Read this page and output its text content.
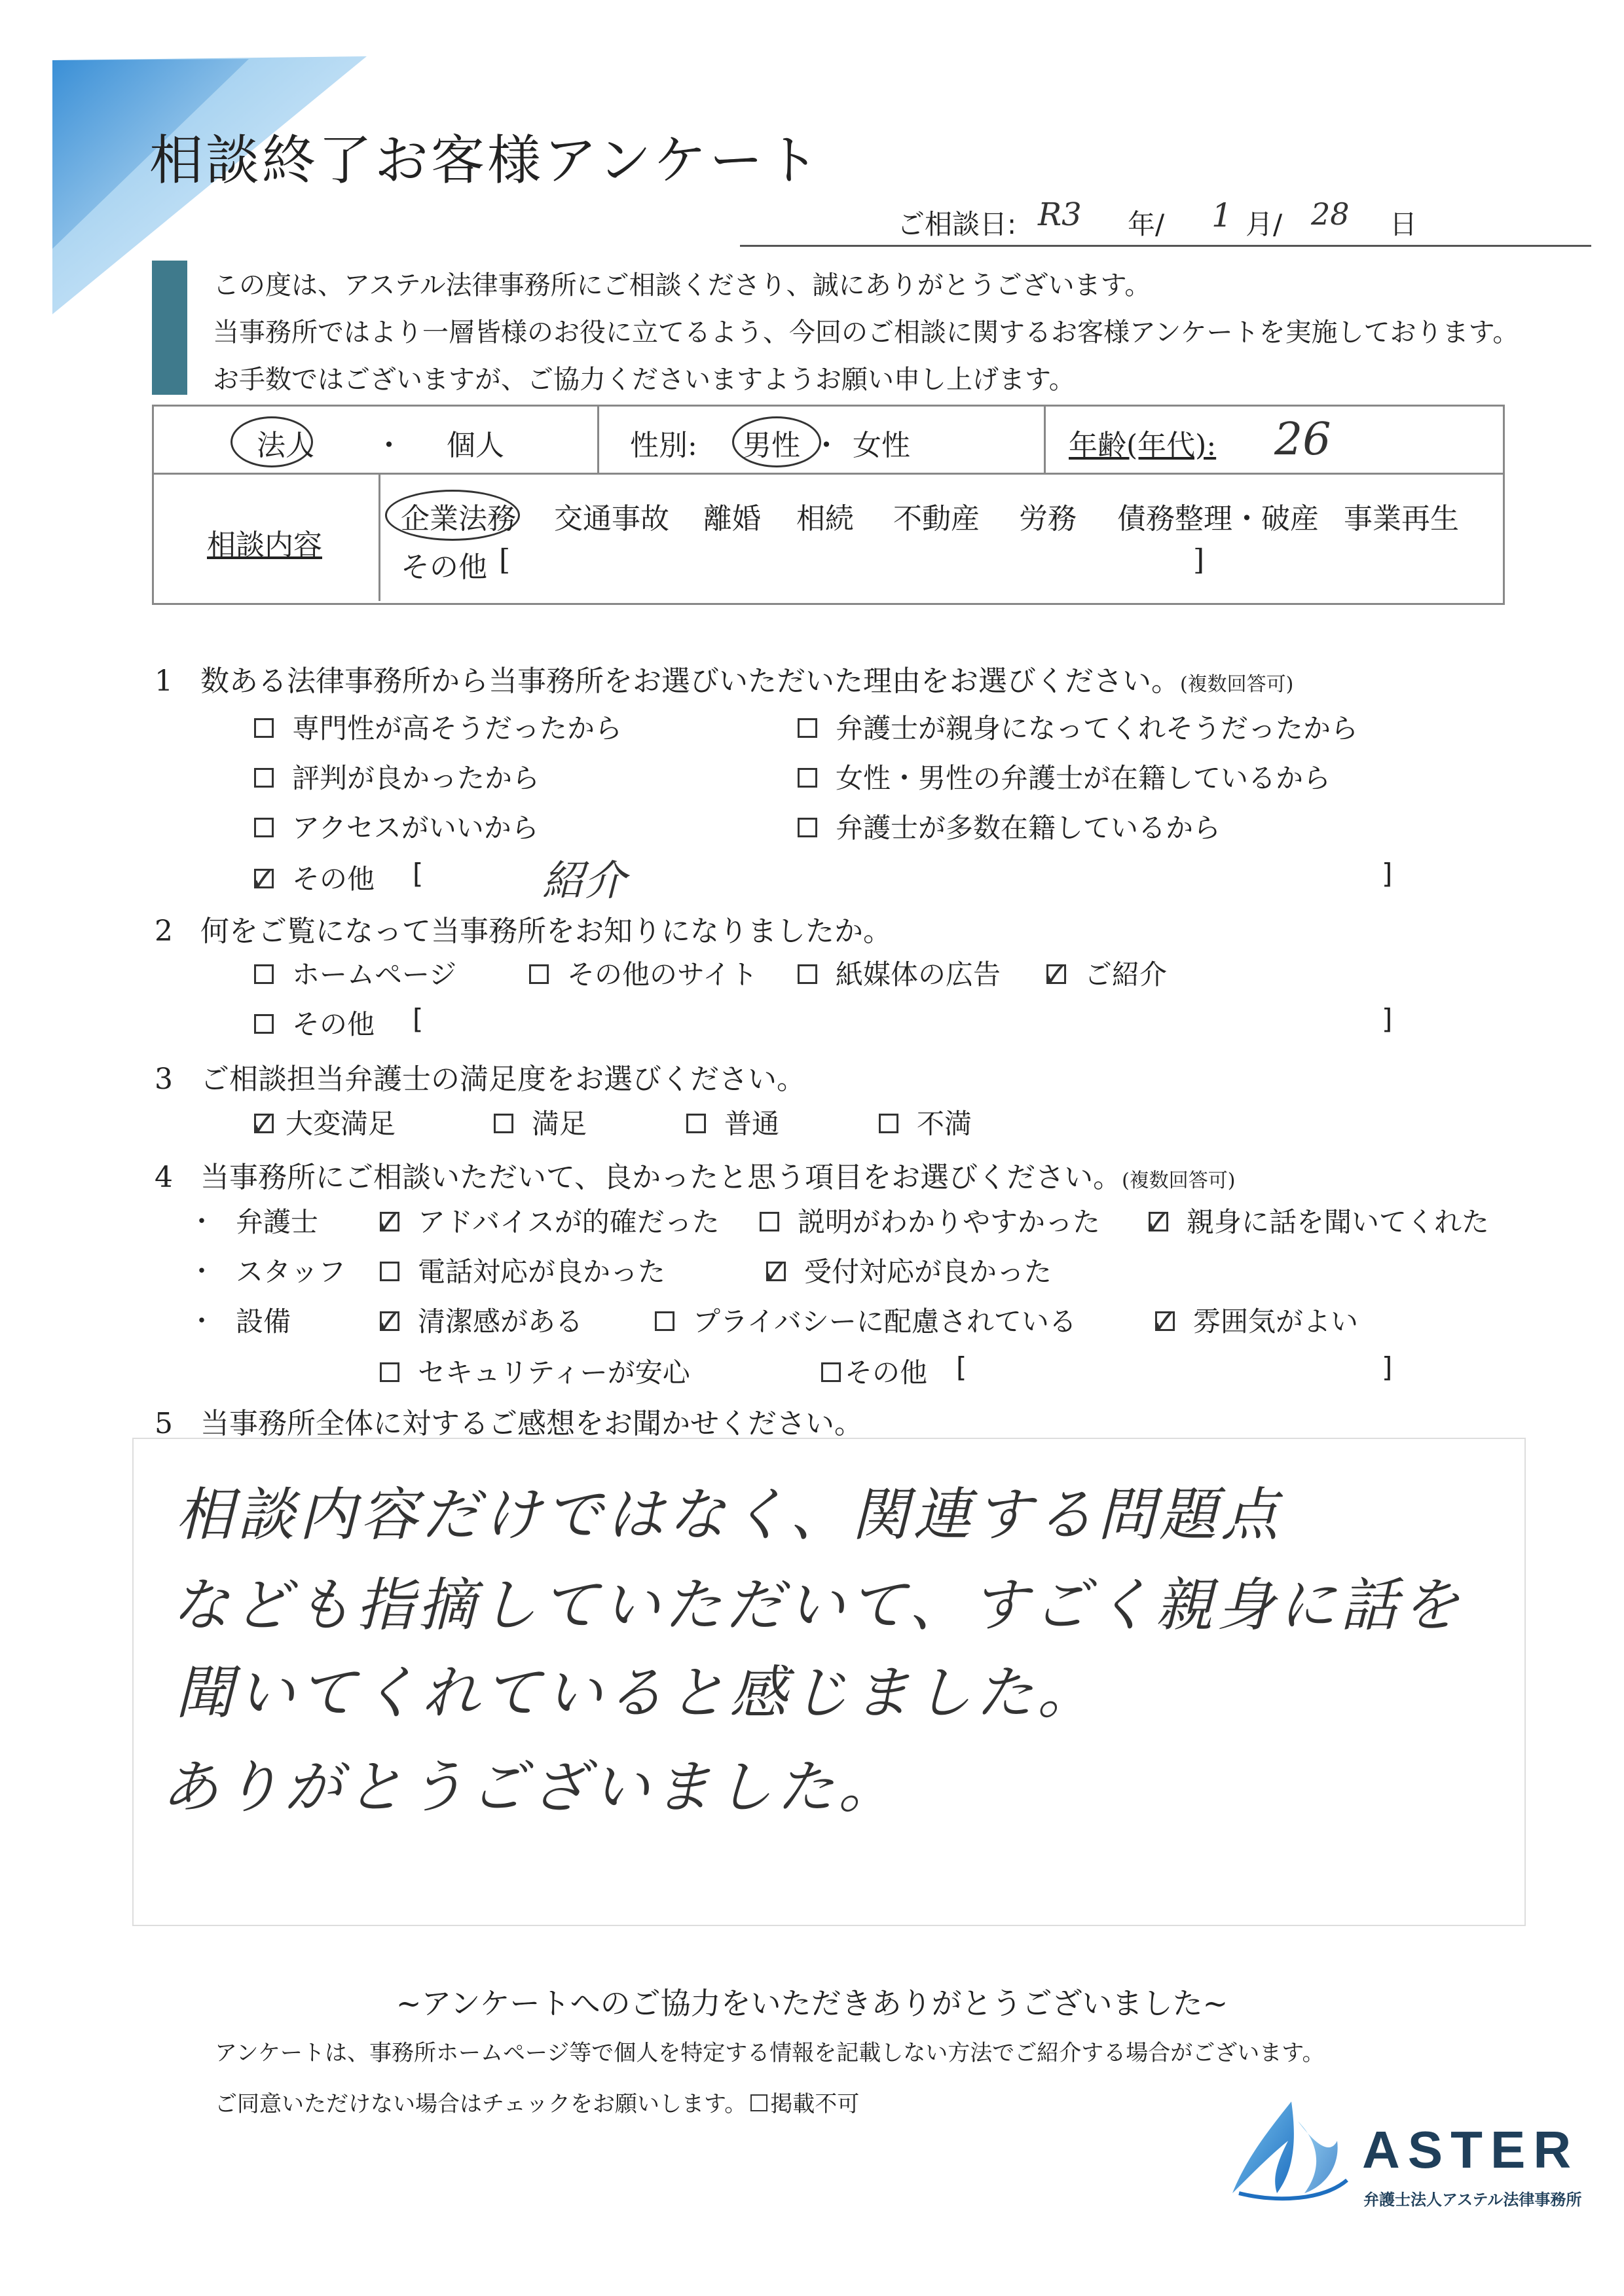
相談終了お客様アンケート
ご相談日: R3 年/ 1 月/ 28 日
この度は、アステル法律事務所にご相談くださり、誠にありがとうございます。
当事務所ではより一層皆様のお役に立てるよう、今回のご相談に関するお客様アンケートを実施しております。
お手数ではございますが、ご協力くださいますようお願い申し上げます。
法人 ・ 個人	性別: 男性 ・ 女性	年齢(年代): 26
相談内容
企業法務 交通事故 離婚 相続 不動産 労務 債務整理・破産 事業再生
その他 [	]
1 数ある法律事務所から当事務所をお選びいただいた理由をお選びください。(複数回答可)
専門性が高そうだったから	弁護士が親身になってくれそうだったから
評判が良かったから	女性・男性の弁護士が在籍しているから
アクセスがいいから	弁護士が多数在籍しているから
✓ その他 [	紹介	]
2 何をご覧になって当事務所をお知りになりましたか。
ホームページ	その他のサイト	紙媒体の広告 ✓ ご紹介
その他 [	]
3 ご相談担当弁護士の満足度をお選びください。
✓ 大変満足	満足	普通	不満
4 当事務所にご相談いただいて、良かったと思う項目をお選びください。(複数回答可)
・ 弁護士 ✓ アドバイスが的確だった	説明がわかりやすかった ✓ 親身に話を聞いてくれた
・ スタッフ	電話対応が良かった	✓ 受付対応が良かった
・ 設備	✓ 清潔感がある	プライバシーに配慮されている ✓ 雰囲気がよい
セキュリティーが安心	その他 [	]
5 当事務所全体に対するご感想をお聞かせください。
相談内容だけではなく、関連する問題点
なども指摘していただいて、すごく親身に話を
聞いてくれていると感じました。
ありがとうございました。
~アンケートへのご協力をいただきありがとうございました~
アンケートは、事務所ホームページ等で個人を特定する情報を記載しない方法でご紹介する場合がございます。
ご同意いただけない場合はチェックをお願いします。 掲載不可
ASTER
弁護士法人アステル法律事務所
